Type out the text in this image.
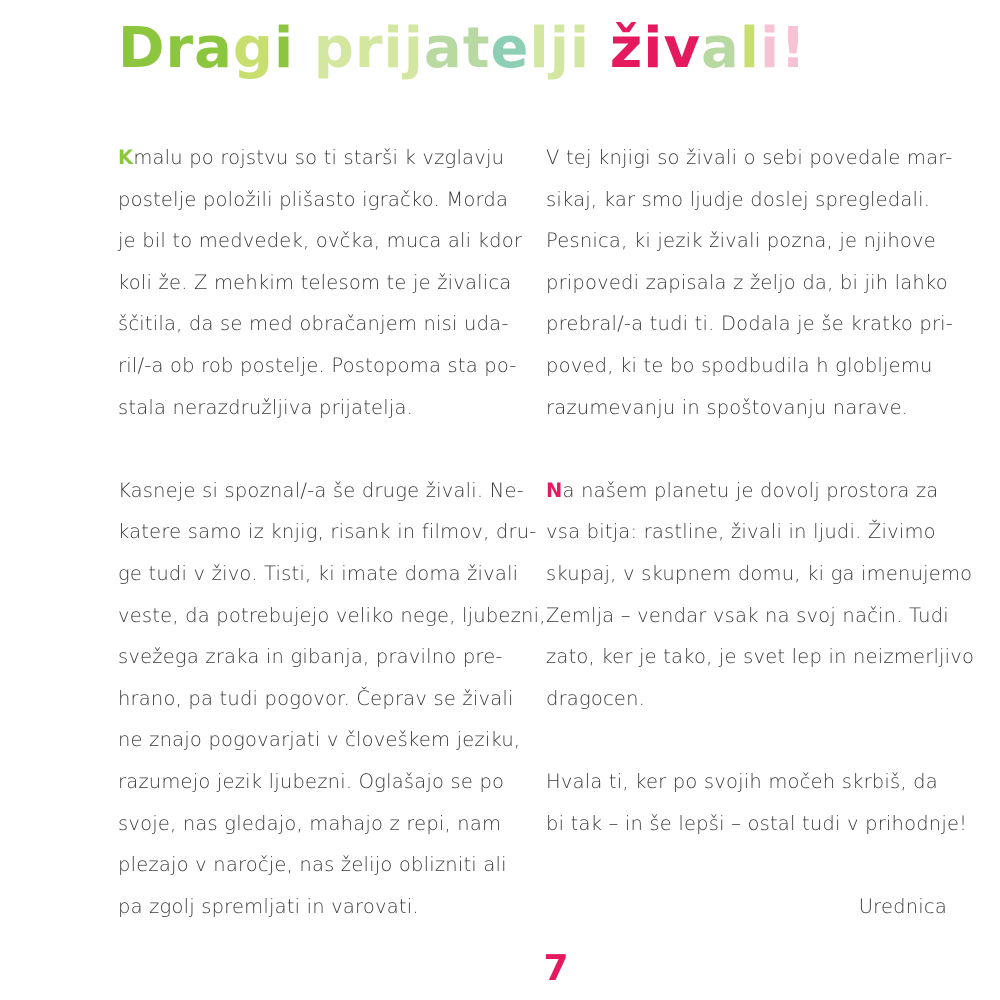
Dragi prijatelji živali!
Kmalu po rojstvu so ti starši k vzglavju
postelje položili plišasto igračko. Morda
je bil to medvedek, ovčka, muca ali kdor
koli že. Z mehkim telesom te je živalica
ščitila, da se med obračanjem nisi uda-
ril/-a ob rob postelje. Postopoma sta po-
stala nerazdružljiva prijatelja.
Kasneje si spoznal/-a še druge živali. Ne-
katere samo iz knjig, risank in filmov, dru-
ge tudi v živo. Tisti, ki imate doma živali
veste, da potrebujejo veliko nege, ljubezni,
svežega zraka in gibanja, pravilno pre-
hrano, pa tudi pogovor. Čeprav se živali
ne znajo pogovarjati v človeškem jeziku,
razumejo jezik ljubezni. Oglašajo se po
svoje, nas gledajo, mahajo z repi, nam
plezajo v naročje, nas želijo oblizniti ali
pa zgolj spremljati in varovati.
V tej knjigi so živali o sebi povedale mar-
sikaj, kar smo ljudje doslej spregledali.
Pesnica, ki jezik živali pozna, je njihove
pripovedi zapisala z željo da, bi jih lahko
prebral/-a tudi ti. Dodala je še kratko pri-
poved, ki te bo spodbudila h globljemu
razumevanju in spoštovanju narave.
Na našem planetu je dovolj prostora za
vsa bitja: rastline, živali in ljudi. Živimo
skupaj, v skupnem domu, ki ga imenujemo
Zemlja – vendar vsak na svoj način. Tudi
zato, ker je tako, je svet lep in neizmerljivo
dragocen.
Hvala ti, ker po svojih močeh skrbiš, da
bi tak – in še lepši – ostal tudi v prihodnje!
Urednica
7
